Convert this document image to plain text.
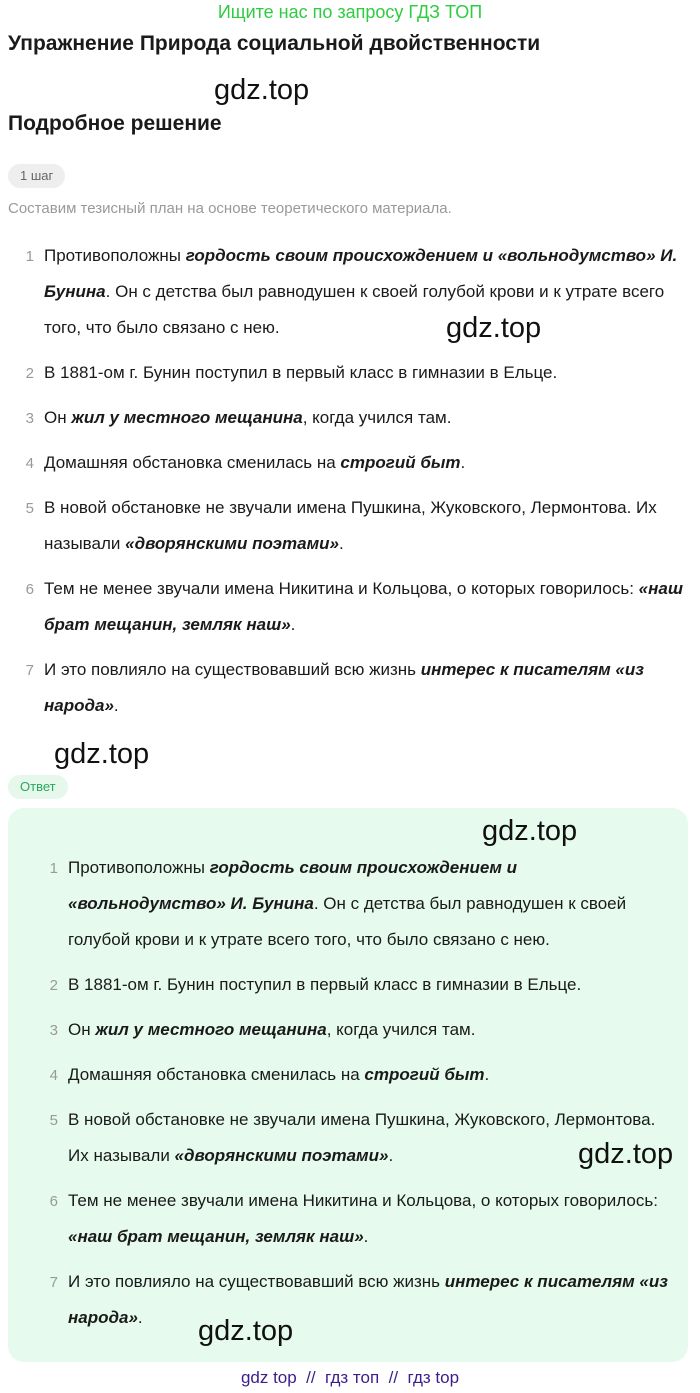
Ищите нас по запросу ГДЗ ТОП
Упражнение Природа социальной двойственности
gdz.top
Подробное решение
1 шаг
Составим тезисный план на основе теоретического материала.
1 Противоположны гордость своим происхождением и «вольнодумство» И. Бунина. Он с детства был равнодушен к своей голубой крови и к утрате всего того, что было связано с нею.
2 В 1881-ом г. Бунин поступил в первый класс в гимназии в Ельце.
3 Он жил у местного мещанина, когда учился там.
4 Домашняя обстановка сменилась на строгий быт.
5 В новой обстановке не звучали имена Пушкина, Жуковского, Лермонтова. Их называли «дворянскими поэтами».
6 Тем не менее звучали имена Никитина и Кольцова, о которых говорилось: «наш брат мещанин, земляк наш».
7 И это повлияло на существовавший всю жизнь интерес к писателям «из народа».
gdz.top
gdz.top
Ответ
gdz.top
1 Противоположны гордость своим происхождением и «вольнодумство» И. Бунина. Он с детства был равнодушен к своей голубой крови и к утрате всего того, что было связано с нею.
2 В 1881-ом г. Бунин поступил в первый класс в гимназии в Ельце.
3 Он жил у местного мещанина, когда учился там.
4 Домашняя обстановка сменилась на строгий быт.
5 В новой обстановке не звучали имена Пушкина, Жуковского, Лермонтова. Их называли «дворянскими поэтами».
6 Тем не менее звучали имена Никитина и Кольцова, о которых говорилось: «наш брат мещанин, земляк наш».
7 И это повлияло на существовавший всю жизнь интерес к писателям «из народа».
gdz.top
gdz.top
gdz top  //  гдз топ  //  гдз top
